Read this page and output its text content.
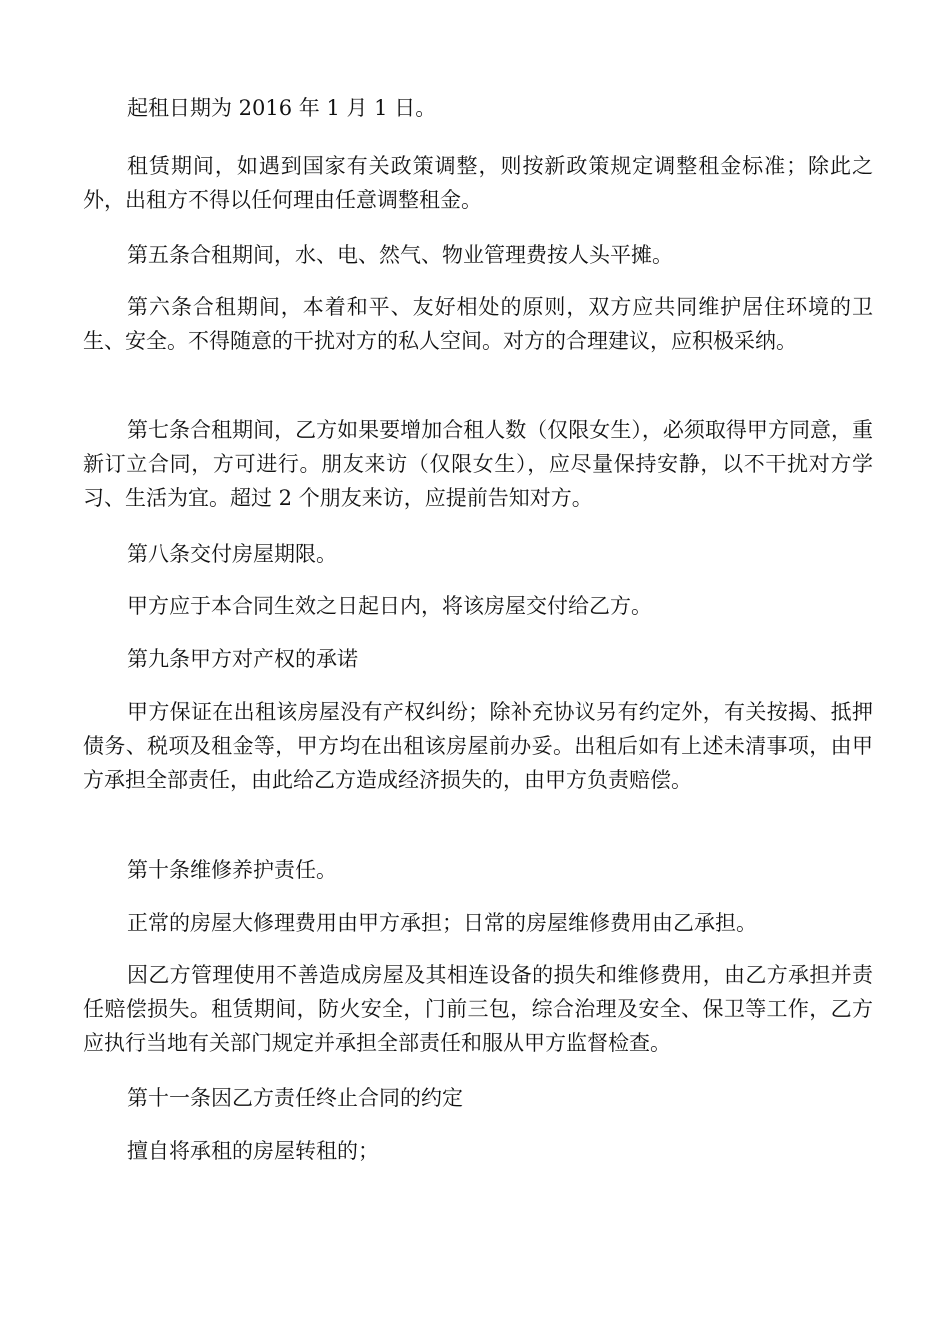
起租日期为 2016 年 1 月 1 日。

租赁期间，如遇到国家有关政策调整，则按新政策规定调整租金标准；除此之外，出租方不得以任何理由任意调整租金。

第五条合租期间，水、电、然气、物业管理费按人头平摊。

第六条合租期间，本着和平、友好相处的原则，双方应共同维护居住环境的卫生、安全。不得随意的干扰对方的私人空间。对方的合理建议，应积极采纳。

第七条合租期间，乙方如果要增加合租人数（仅限女生），必须取得甲方同意，重新订立合同，方可进行。朋友来访（仅限女生），应尽量保持安静，以不干扰对方学习、生活为宜。超过 2 个朋友来访，应提前告知对方。

第八条交付房屋期限。

甲方应于本合同生效之日起日内，将该房屋交付给乙方。

第九条甲方对产权的承诺

甲方保证在出租该房屋没有产权纠纷；除补充协议另有约定外，有关按揭、抵押债务、税项及租金等，甲方均在出租该房屋前办妥。出租后如有上述未清事项，由甲方承担全部责任，由此给乙方造成经济损失的，由甲方负责赔偿。

第十条维修养护责任。

正常的房屋大修理费用由甲方承担；日常的房屋维修费用由乙承担。

因乙方管理使用不善造成房屋及其相连设备的损失和维修费用，由乙方承担并责任赔偿损失。租赁期间，防火安全，门前三包，综合治理及安全、保卫等工作，乙方应执行当地有关部门规定并承担全部责任和服从甲方监督检查。

第十一条因乙方责任终止合同的约定

擅自将承租的房屋转租的；
